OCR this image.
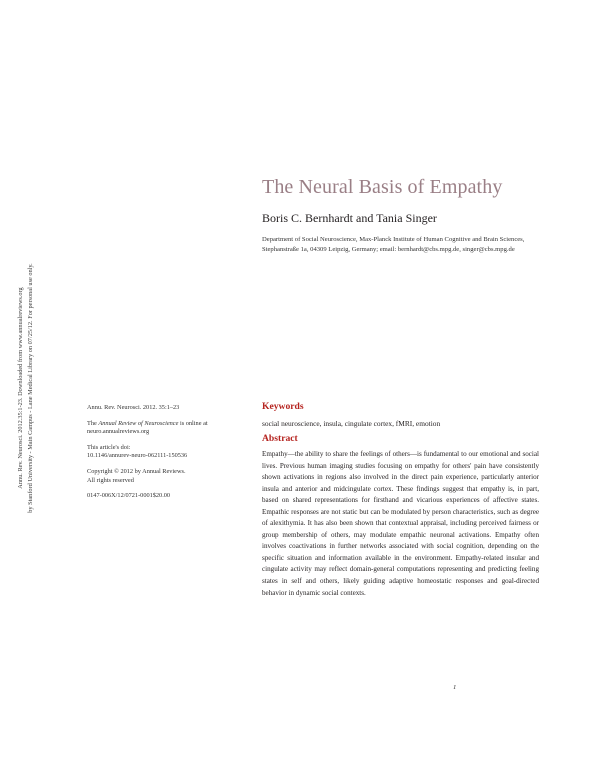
Annu. Rev. Neurosci. 2012.35:1-23. Downloaded from www.annualreviews.org by Stanford University - Main Campus - Lane Medical Library on 07/25/12. For personal use only.
The Neural Basis of Empathy
Boris C. Bernhardt and Tania Singer
Department of Social Neuroscience, Max-Planck Institute of Human Cognitive and Brain Sciences, Stephanstraße 1a, 04309 Leipzig, Germany; email: bernhardt@cbs.mpg.de, singer@cbs.mpg.de

Annu. Rev. Neurosci. 2012. 35:1–23

The Annual Review of Neuroscience is online at neuro.annualreviews.org

This article's doi:
10.1146/annurev-neuro-062111-150536

Copyright © 2012 by Annual Reviews.
All rights reserved

0147-006X/12/0721-0001$20.00

Keywords
social neuroscience, insula, cingulate cortex, fMRI, emotion
Abstract

Empathy—the ability to share the feelings of others—is fundamental to our emotional and social lives. Previous human imaging studies focusing on empathy for others' pain have consistently shown activations in regions also involved in the direct pain experience, particularly anterior insula and anterior and midcingulate cortex. These findings suggest that empathy is, in part, based on shared representations for firsthand and vicarious experiences of affective states. Empathic responses are not static but can be modulated by person characteristics, such as degree of alexithymia. It has also been shown that contextual appraisal, including perceived fairness or group membership of others, may modulate empathic neuronal activations. Empathy often involves coactivations in further networks associated with social cognition, depending on the specific situation and information available in the environment. Empathy-related insular and cingulate activity may reflect domain-general computations representing and predicting feeling states in self and others, likely guiding adaptive homeostatic responses and goal-directed behavior in dynamic social contexts.

1
